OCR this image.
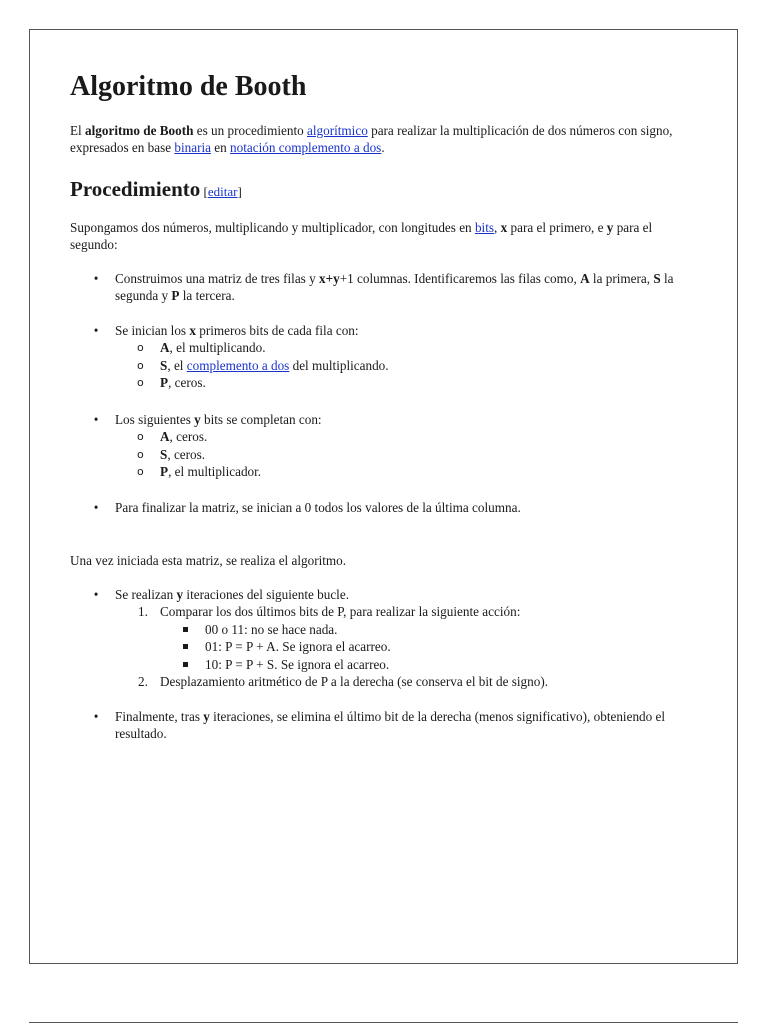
Algoritmo de Booth

El algoritmo de Booth es un procedimiento algorítmico para realizar la multiplicación de dos números con signo, expresados en base binaria en notación complemento a dos.

Procedimiento [editar]

Supongamos dos números, multiplicando y multiplicador, con longitudes en bits, x para el primero, e y para el segundo:

• Construimos una matriz de tres filas y x+y+1 columnas. Identificaremos las filas como, A la primera, S la segunda y P la tercera.
• Se inician los x primeros bits de cada fila con:
o A, el multiplicando.
o S, el complemento a dos del multiplicando.
o P, ceros.
• Los siguientes y bits se completan con:
o A, ceros.
o S, ceros.
o P, el multiplicador.
• Para finalizar la matriz, se inician a 0 todos los valores de la última columna.

Una vez iniciada esta matriz, se realiza el algoritmo.

• Se realizan y iteraciones del siguiente bucle.
1. Comparar los dos últimos bits de P, para realizar la siguiente acción:
00 o 11: no se hace nada.
01: P = P + A. Se ignora el acarreo.
10: P = P + S. Se ignora el acarreo.
2. Desplazamiento aritmético de P a la derecha (se conserva el bit de signo).
• Finalmente, tras y iteraciones, se elimina el último bit de la derecha (menos significativo), obteniendo el resultado.
